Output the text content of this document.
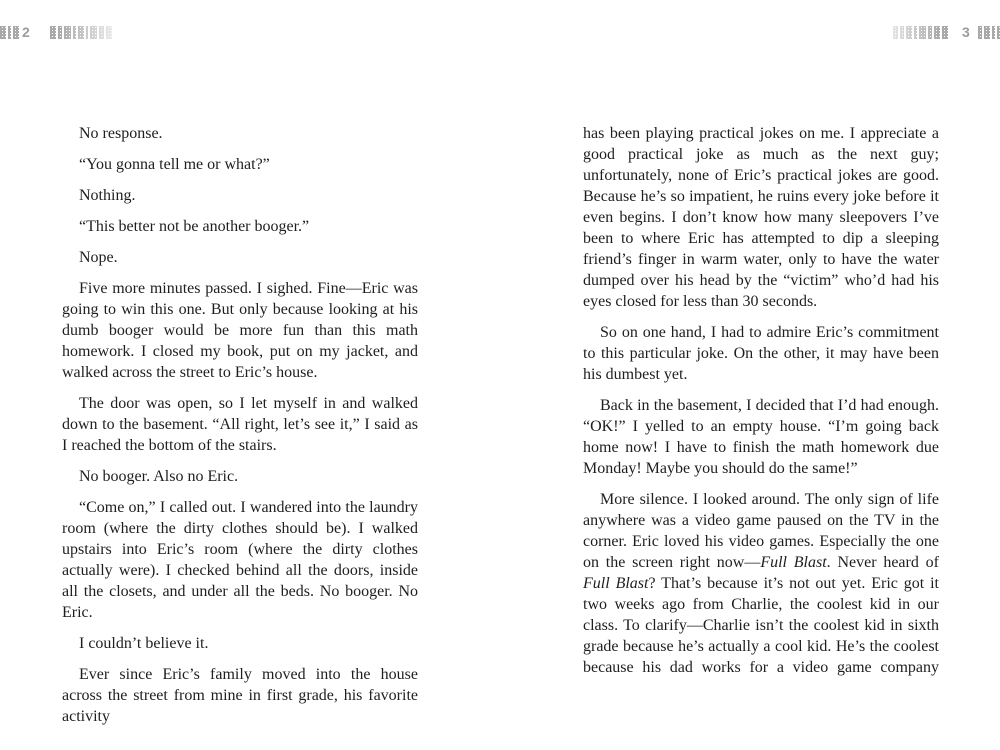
2	3

No response.

“You gonna tell me or what?”

Nothing.

“This better not be another booger.”

Nope.

Five more minutes passed. I sighed. Fine—Eric was going to win this one. But only because looking at his dumb booger would be more fun than this math homework. I closed my book, put on my jacket, and walked across the street to Eric’s house.

The door was open, so I let myself in and walked down to the basement. “All right, let’s see it,” I said as I reached the bottom of the stairs.

No booger. Also no Eric.

“Come on,” I called out. I wandered into the laundry room (where the dirty clothes should be). I walked upstairs into Eric’s room (where the dirty clothes actually were). I checked behind all the doors, inside all the closets, and under all the beds. No booger. No Eric.

I couldn’t believe it.

Ever since Eric’s family moved into the house across the street from mine in first grade, his favorite activity

has been playing practical jokes on me. I appreciate a good practical joke as much as the next guy; unfortunately, none of Eric’s practical jokes are good. Because he’s so impatient, he ruins every joke before it even begins. I don’t know how many sleepovers I’ve been to where Eric has attempted to dip a sleeping friend’s finger in warm water, only to have the water dumped over his head by the “victim” who’d had his eyes closed for less than 30 seconds.

So on one hand, I had to admire Eric’s commitment to this particular joke. On the other, it may have been his dumbest yet.

Back in the basement, I decided that I’d had enough. “OK!” I yelled to an empty house. “I’m going back home now! I have to finish the math homework due Monday! Maybe you should do the same!”

More silence. I looked around. The only sign of life anywhere was a video game paused on the TV in the corner. Eric loved his video games. Especially the one on the screen right now—Full Blast. Never heard of Full Blast? That’s because it’s not out yet. Eric got it two weeks ago from Charlie, the coolest kid in our class. To clarify—Charlie isn’t the coolest kid in sixth grade because he’s actually a cool kid. He’s the coolest because his dad works for a video game company
